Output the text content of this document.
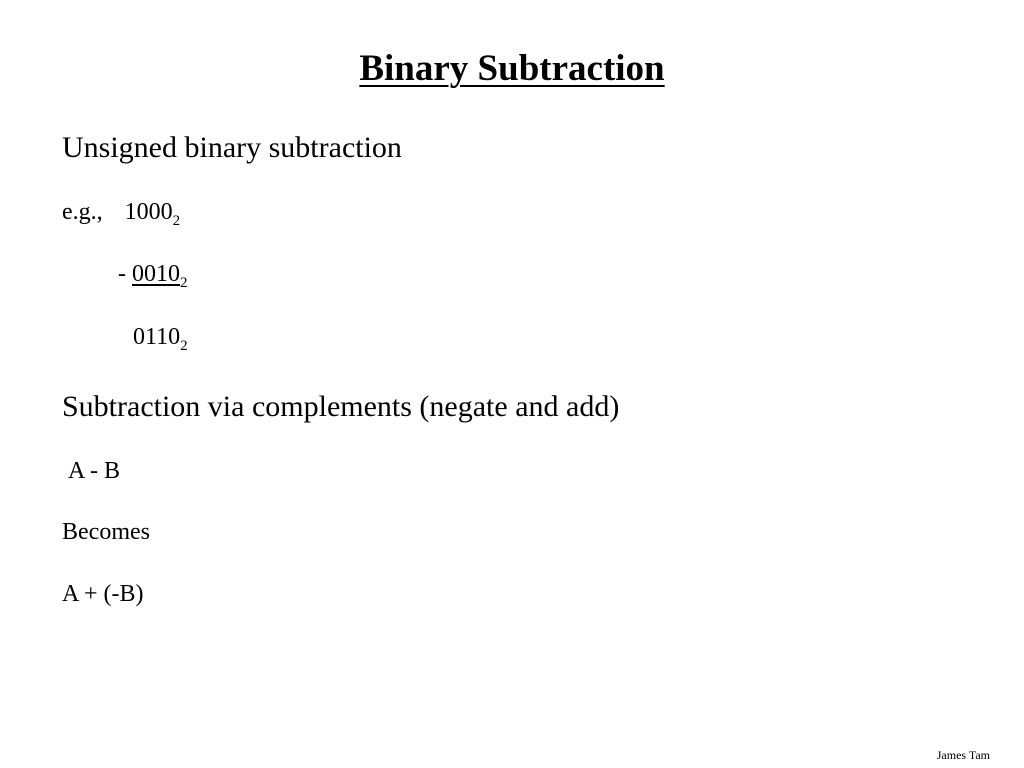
Binary Subtraction
Unsigned binary subtraction
e.g., $1000_2$
- $0010_2$
$0110_2$
Subtraction via complements (negate and add)
A - B
Becomes
A + (-B)
James Tam
